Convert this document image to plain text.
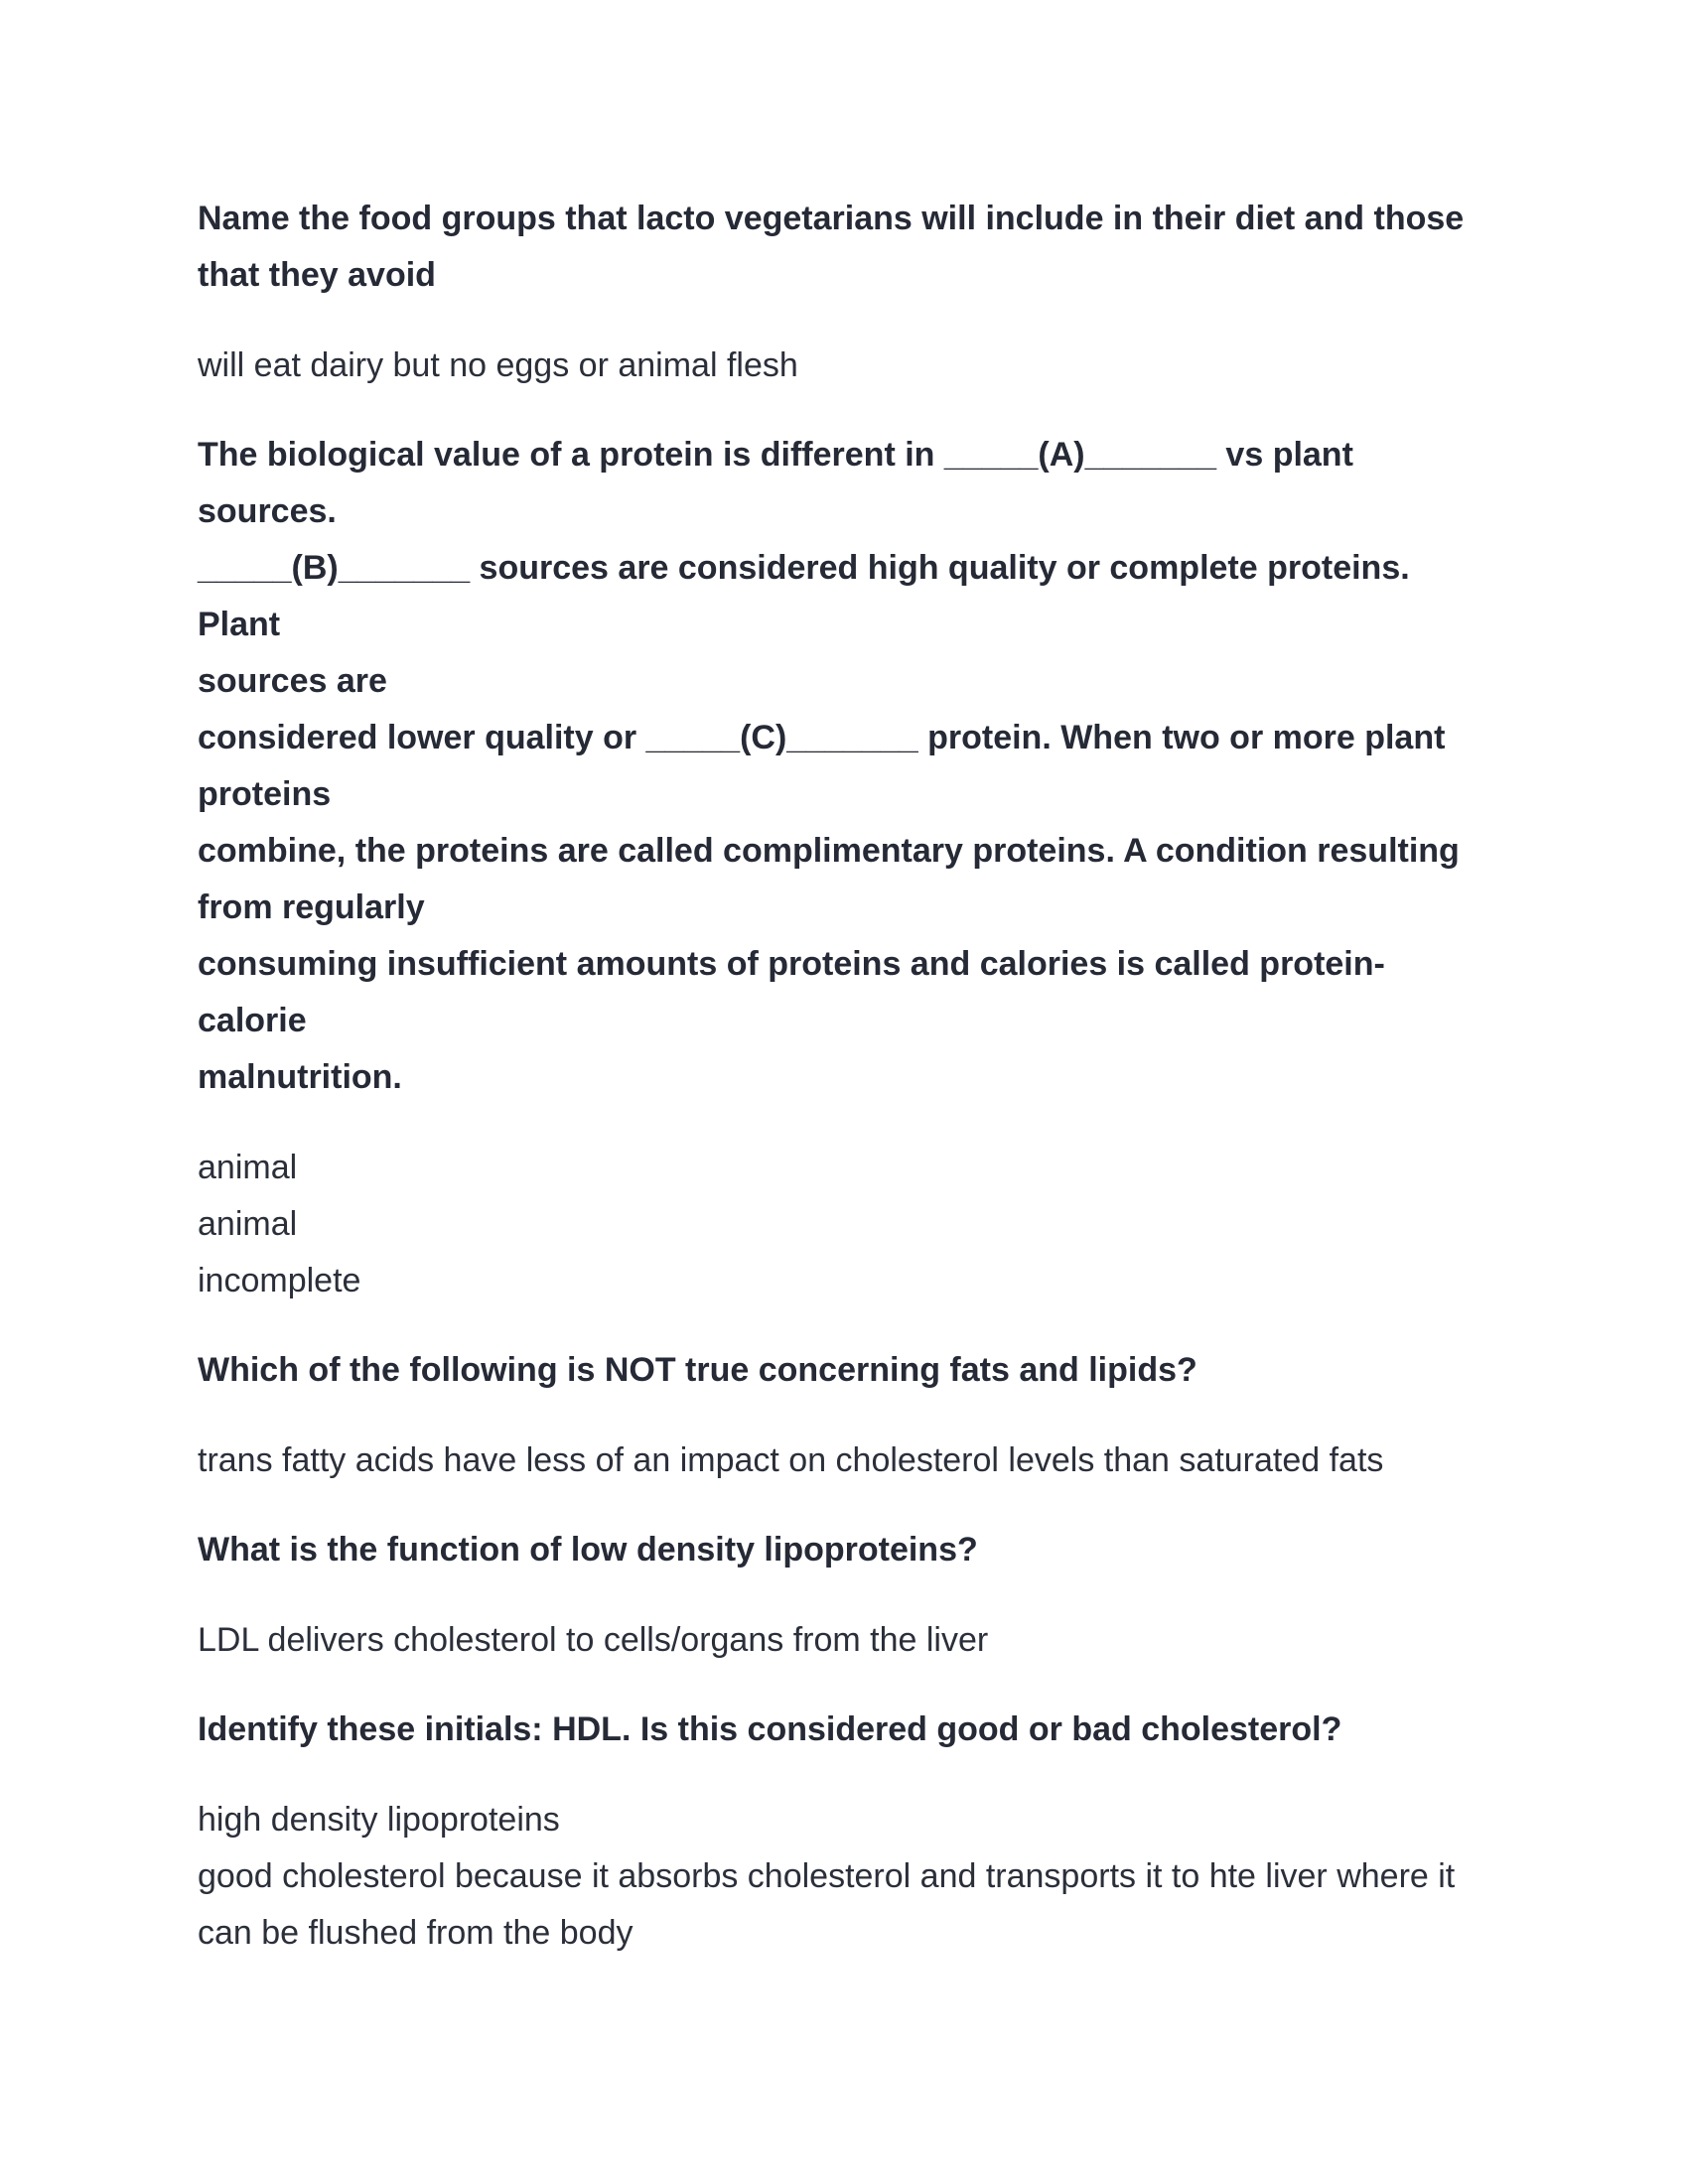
Name the food groups that lacto vegetarians will include in their diet and those
that they avoid

will eat dairy but no eggs or animal flesh

The biological value of a protein is different in _____(A)_______ vs plant sources.
_____(B)_______ sources are considered high quality or complete proteins. Plant
sources are
considered lower quality or _____(C)_______ protein. When two or more plant
proteins
combine, the proteins are called complimentary proteins. A condition resulting
from regularly
consuming insufficient amounts of proteins and calories is called protein- calorie
malnutrition.

animal
animal
incomplete

Which of the following is NOT true concerning fats and lipids?

trans fatty acids have less of an impact on cholesterol levels than saturated fats

What is the function of low density lipoproteins?

LDL delivers cholesterol to cells/organs from the liver

Identify these initials: HDL. Is this considered good or bad cholesterol?

high density lipoproteins
good cholesterol because it absorbs cholesterol and transports it to hte liver where it
can be flushed from the body
